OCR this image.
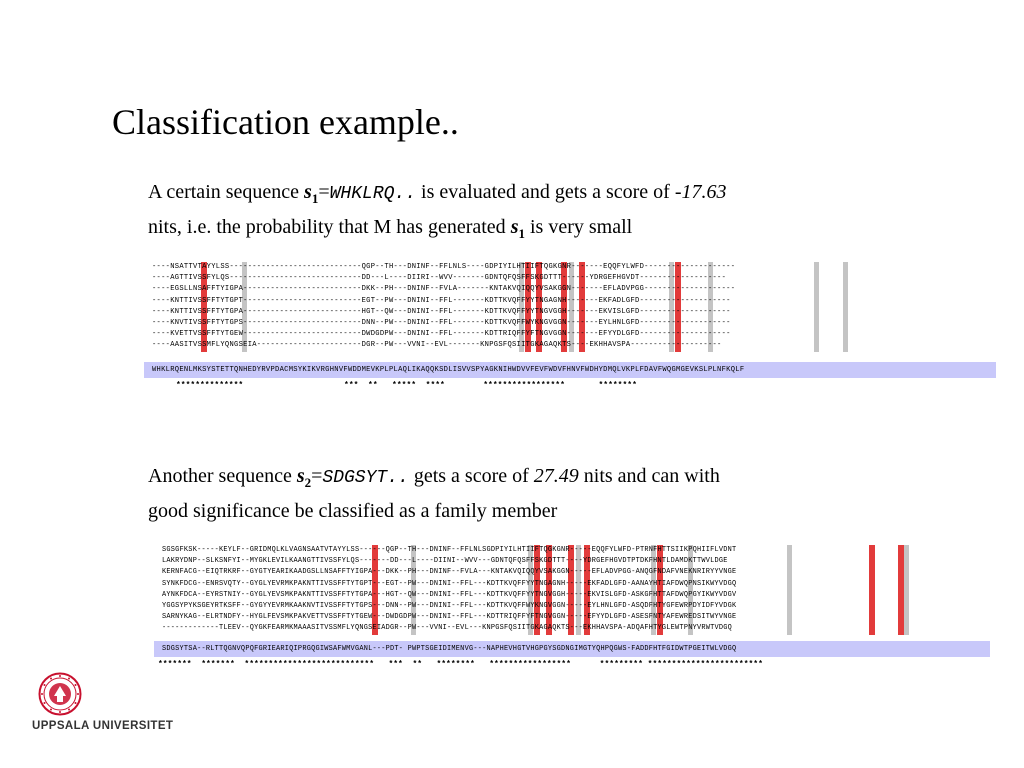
Classification example..
A certain sequence $s_1=WHKLRQ$.. is evaluated and gets a score of -17.63
nits, i.e. the probability that M has generated $s_1$ is very small
----NSATTVTAYYLSS-----------------------------QGP--TH---DNINF--FFLNLS----GDPIYILHTIIFTQGKGNR-------EQQFYLWFD--------------------
----AGTTIVSSFYLQS-----------------------------DD---L----DIIRI--WVV-------GDNTQFQSFFSKGDTTT------YDRGEFHGVDT-------------------
----EGSLLNSAFFTYIGPA--------------------------DKK--PH---DNINF--FVLA-------KNTAKVQIQQYVSAKGGN-------EFLADVPGG--------------------
----KNTTIVSSFFTYTGPT--------------------------EGT--PW---DNINI--FFL-------KDTTKVQFFYYTNGAGNH-------EKFADLGFD--------------------
----KNTTIVSSFFTYTGPA--------------------------HGT--QW---DNINI--FFL-------KDTTKVQFFYYTNGVGGH-------EKVISLGFD--------------------
----KNVTIVSSFFTYTGPS--------------------------DNN--PW---DNINI--FFL-------KDTTKVQFFWYKNGVGGN-------EYLHNLGFD--------------------
----KVETTVSSFFTYTGEW--------------------------DWDGDPW---DNINI--FFL-------KDTTRIQFFYFTNGVGGN-------EFYYDLGFD--------------------
----AASITVSSMFLYQNGSEIA-----------------------DGR--PW---VVNI--EVL-------KNPGSFQSIITGKAGAQKTS----EKHHAVSPA--------------------
WHKLRQENLMKSYSTETTQNHEDYRVPDACMSYKIKVRGHNVFWDDMEVKPLPLAQLIKAQQKSDLISVVSPYAGKNIHWDVVFEVFWDVFHNVFWDHYDMQLVKPLFDAVFWQGMGEVKSLPLNFKQLF
**************                     ***  **   *****  ****        *****************       ********
Another sequence $s_2=SDGSYT$.. gets a score of 27.49 nits and can with
good significance be classified as a family member
SGSGFKSK-----KEYLF--GRIDMQLKLVAGNSAATVTAYYLSS------QGP--TH---DNINF--FFLNLSGDPIYILHTIIFTQGKGNR-----EQQFYLWFD-PTRNFHTTSIIKPQHIIFLVDNT
LAKRYDNP--SLKSNFYI--MYGKLEVILKAANGTTIVSSFYLQS-------DD---L----DIINI--WVV---GDNTQFQSFFSKGDTTT----YDRGEFHGVDTPTDKFHNTLDAMDKTTWVLDGE
KERNFACG--EIQTRKRF--GYGTYEARIKAADGSLLNSAFFTYIGPA---DKK--PH---DNINF--FVLA---KNTAKVQIQQYVSAKGGN-----EFLADVPGG-ANQGFNDAFVNEKNRIRYYVNGE
SYNKFDCG--ENRSVQTY--GYGLYEVRMKPAKNTTIVSSFFTYTGPT---EGT--PW---DNINI--FFL---KDTTKVQFFYYTNGAGNH-----EKFADLGFD-AANAYHTIAFDWQPNSIKWYVDGQ
AYNKFDCA--EYRSTNIY--GYGLYEVSMKPAKNTTIVSSFFTYTGPA---HGT--QW---DNINI--FFL---KDTTKVQFFYYTNGVGGH-----EKVISLGFD-ASKGFHTTAFDWQPGYIKWYVDGV
YGGSYPYKSGEYRTKSFF--GYGYYEVRMKAAKNVTIVSSFFTYTGPS---DNN--PW---DNINI--FFL---KDTTKVQFFWYKNGVGGN-----EYLHNLGFD-ASQDFHTYGFEWRPDYIDFYVDGK
SARNYKAG--ELRTNDFY--HYGLFEVSMKPAKVETTVSSFFTYTGEW---DWDGDPW---DNINI--FFL---KDTTRIQFFYFTNGVGGN-----EFYYDLGFD-ASESFNTYAFEWREDSITWYVNGE
-------------TLEEV--QYGKFEARMKMAAASITVSSMFLYQNGSEIADGR--PW---VVNI--EVL---KNPGSFQSIITGKAGAQKTS---EKHHAVSPA-ADQAFHTYGLEWTPNYVRWTVDGQ
SDGSYTSA--RLTTQGNVQPQFGRIEARIQIPRGQGIWSAFWMVGANL---PDT- PWPTSGEIDIMENVG---NAPHEVHGTVHGPGYSGDNGIMGTYQHPQGWS-FADDFHTFGIDWTPGEITWLVDGQ
*******  *******  ***************************   ***  **   ********   *****************      ********* ************************
UPPSALA UNIVERSITET
